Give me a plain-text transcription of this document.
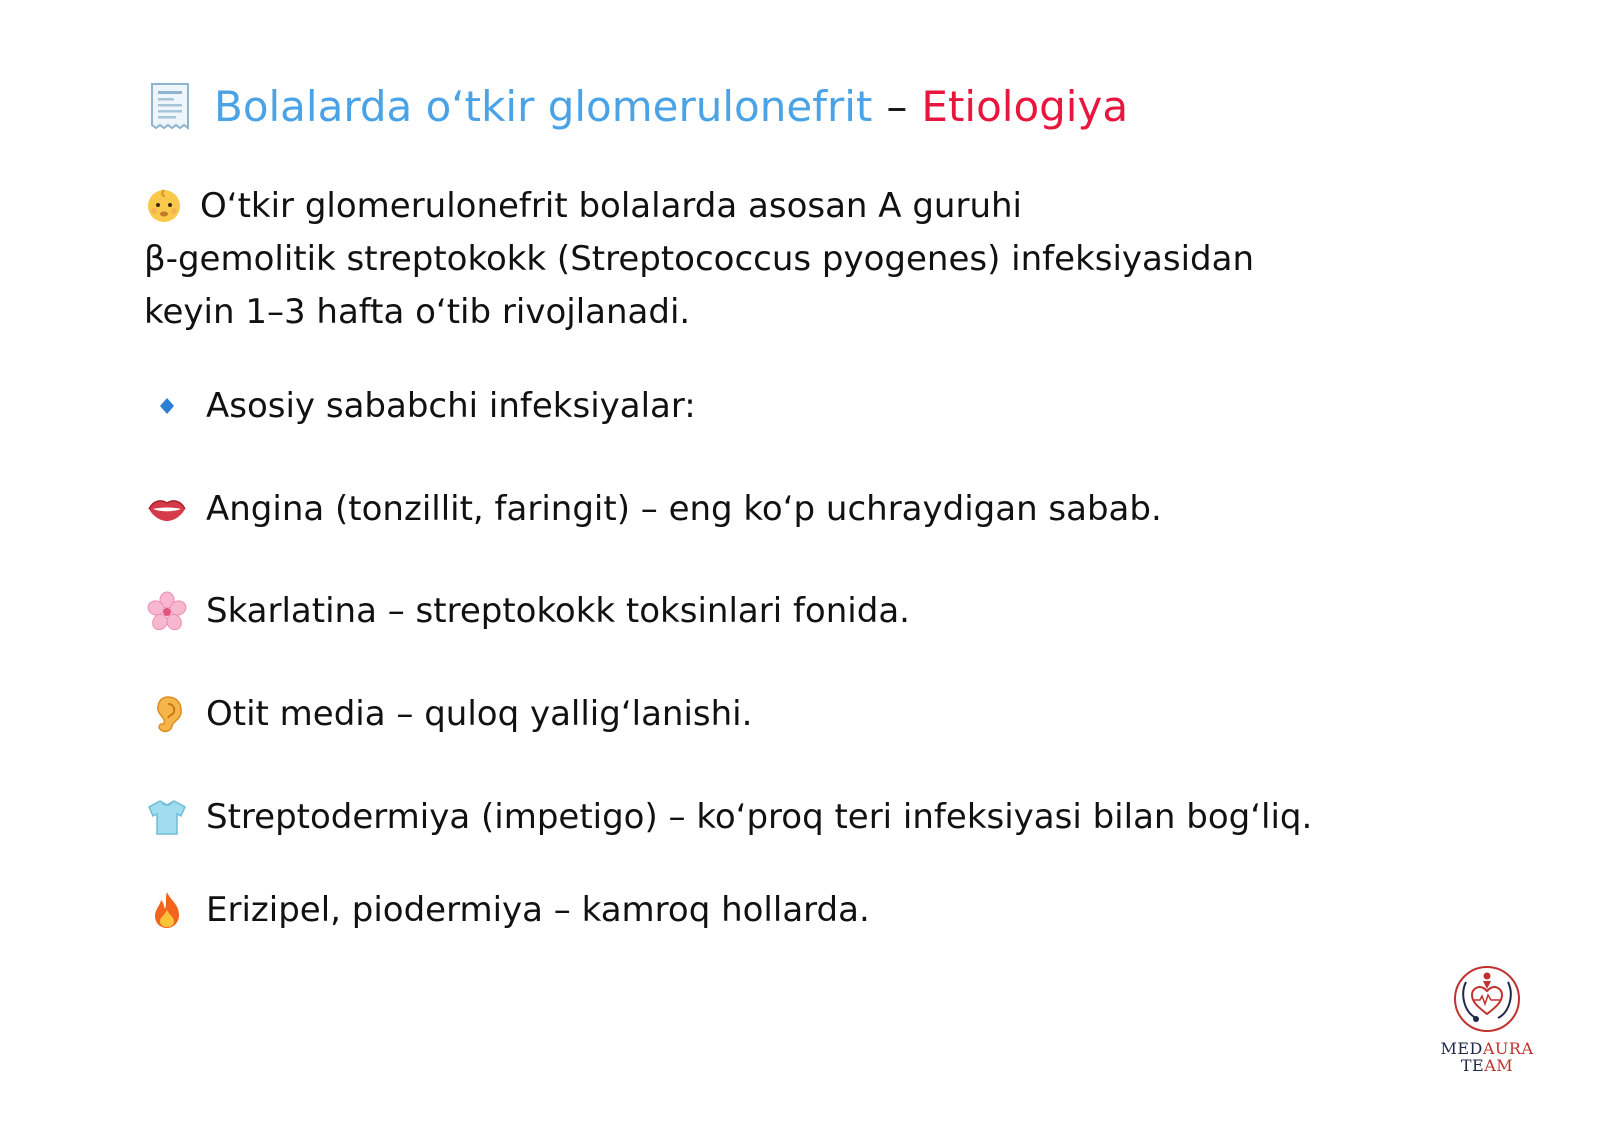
Bolalarda o‘tkir glomerulonefrit – Etiologiya
O‘tkir glomerulonefrit bolalarda asosan A guruhi
β-gemolitik streptokokk (Streptococcus pyogenes) infeksiyasidan
keyin 1–3 hafta o‘tib rivojlanadi.
Asosiy sababchi infeksiyalar:
Angina (tonzillit, faringit) – eng ko‘p uchraydigan sabab.
Skarlatina – streptokokk toksinlari fonida.
Otit media – quloq yallig‘lanishi.
Streptodermiya (impetigo) – ko‘proq teri infeksiyasi bilan bog‘liq.
Erizipel, piodermiya – kamroq hollarda.
MEDAURA
TEAM
